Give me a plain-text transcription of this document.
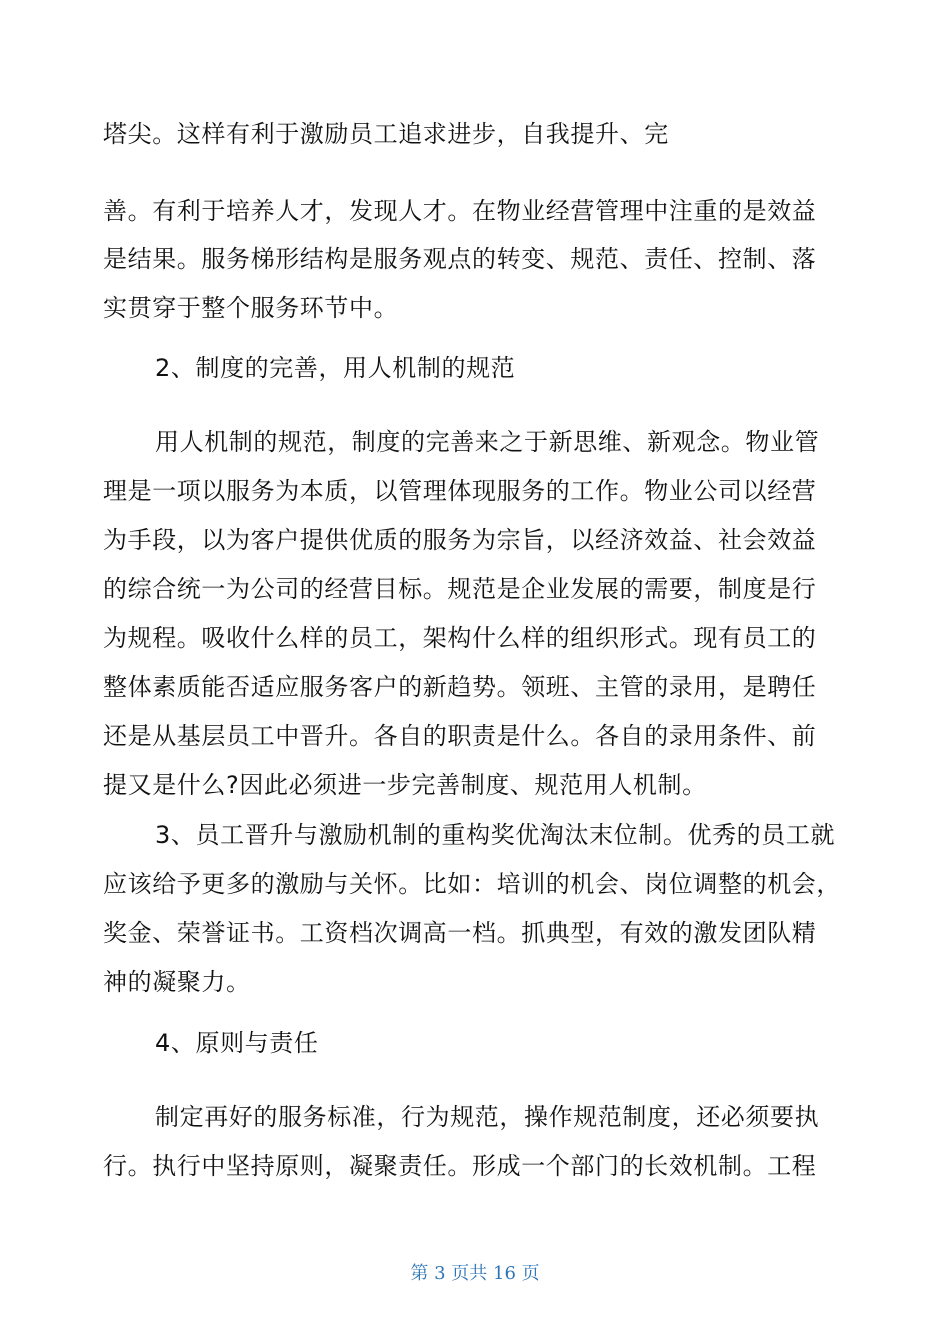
塔尖。这样有利于激励员工追求进步，自我提升、完
善。有利于培养人才，发现人才。在物业经营管理中注重的是效益
是结果。服务梯形结构是服务观点的转变、规范、责任、控制、落
实贯穿于整个服务环节中。
2、制度的完善，用人机制的规范
用人机制的规范，制度的完善来之于新思维、新观念。物业管
理是一项以服务为本质，以管理体现服务的工作。物业公司以经营
为手段，以为客户提供优质的服务为宗旨，以经济效益、社会效益
的综合统一为公司的经营目标。规范是企业发展的需要，制度是行
为规程。吸收什么样的员工，架构什么样的组织形式。现有员工的
整体素质能否适应服务客户的新趋势。领班、主管的录用，是聘任
还是从基层员工中晋升。各自的职责是什么。各自的录用条件、前
提又是什么?因此必须进一步完善制度、规范用人机制。
3、员工晋升与激励机制的重构奖优淘汰末位制。优秀的员工就
应该给予更多的激励与关怀。比如：培训的机会、岗位调整的机会，
奖金、荣誉证书。工资档次调高一档。抓典型，有效的激发团队精
神的凝聚力。
4、原则与责任
制定再好的服务标准，行为规范，操作规范制度，还必须要执
行。执行中坚持原则，凝聚责任。形成一个部门的长效机制。工程
第 3 页共 16 页
